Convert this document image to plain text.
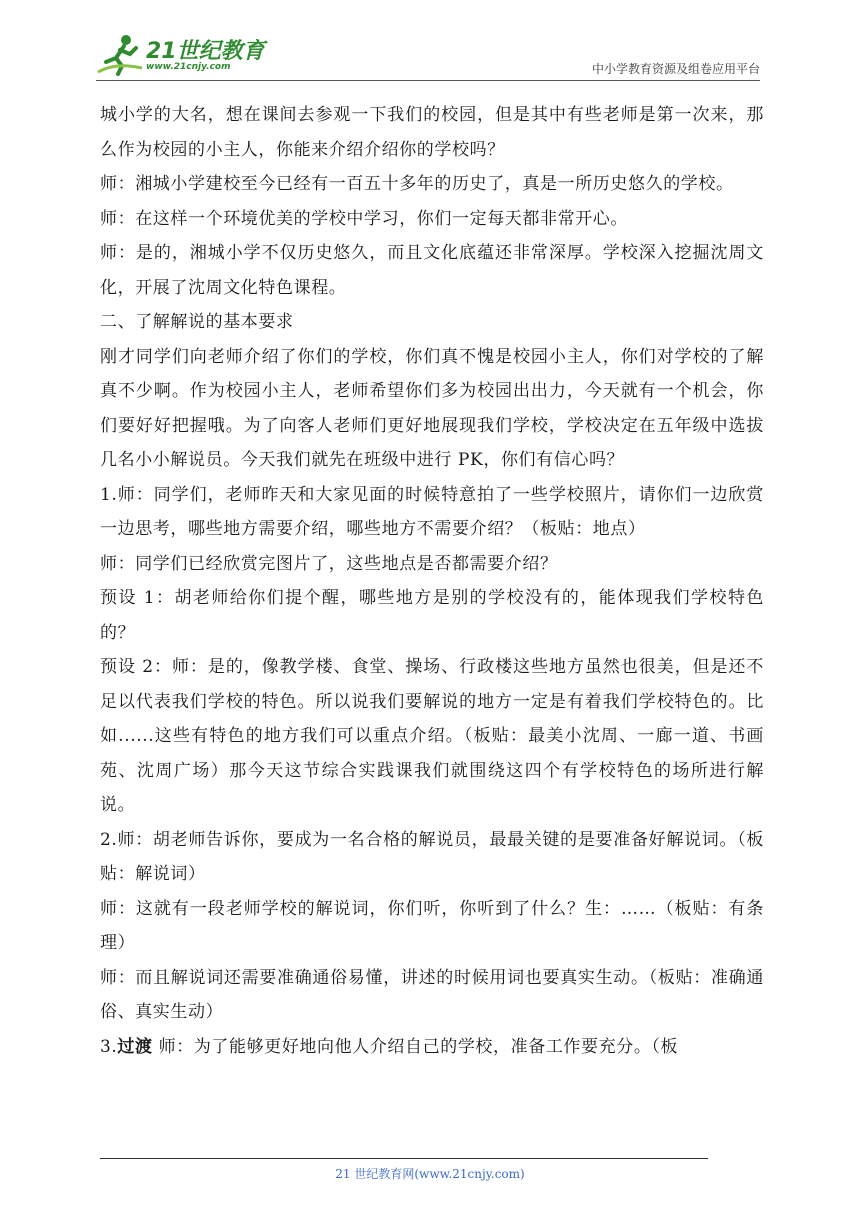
21世纪教育
www.21cnjy.com	中小学教育资源及组卷应用平台

城小学的大名，想在课间去参观一下我们的校园，但是其中有些老师是第一次来，那么作为校园的小主人，你能来介绍介绍你的学校吗？

师：湘城小学建校至今已经有一百五十多年的历史了，真是一所历史悠久的学校。

师：在这样一个环境优美的学校中学习，你们一定每天都非常开心。

师：是的，湘城小学不仅历史悠久，而且文化底蕴还非常深厚。学校深入挖掘沈周文化，开展了沈周文化特色课程。

二、了解解说的基本要求

刚才同学们向老师介绍了你们的学校，你们真不愧是校园小主人，你们对学校的了解真不少啊。作为校园小主人，老师希望你们多为校园出出力，今天就有一个机会，你们要好好把握哦。为了向客人老师们更好地展现我们学校，学校决定在五年级中选拔几名小小解说员。今天我们就先在班级中进行 PK，你们有信心吗？

1.师：同学们，老师昨天和大家见面的时候特意拍了一些学校照片，请你们一边欣赏一边思考，哪些地方需要介绍，哪些地方不需要介绍？（板贴：地点）

师：同学们已经欣赏完图片了，这些地点是否都需要介绍？

预设 1：胡老师给你们提个醒，哪些地方是别的学校没有的，能体现我们学校特色的？

预设 2：师：是的，像教学楼、食堂、操场、行政楼这些地方虽然也很美，但是还不足以代表我们学校的特色。所以说我们要解说的地方一定是有着我们学校特色的。比如......这些有特色的地方我们可以重点介绍。（板贴：最美小沈周、一廊一道、书画苑、沈周广场）那今天这节综合实践课我们就围绕这四个有学校特色的场所进行解说。

2.师：胡老师告诉你，要成为一名合格的解说员，最最关键的是要准备好解说词。（板贴：解说词）

师：这就有一段老师学校的解说词，你们听，你听到了什么？生：……（板贴：有条理）

师：而且解说词还需要准确通俗易懂，讲述的时候用词也要真实生动。（板贴：准确通俗、真实生动）

3.过渡 师：为了能够更好地向他人介绍自己的学校，准备工作要充分。（板

21 世纪教育网(www.21cnjy.com)
